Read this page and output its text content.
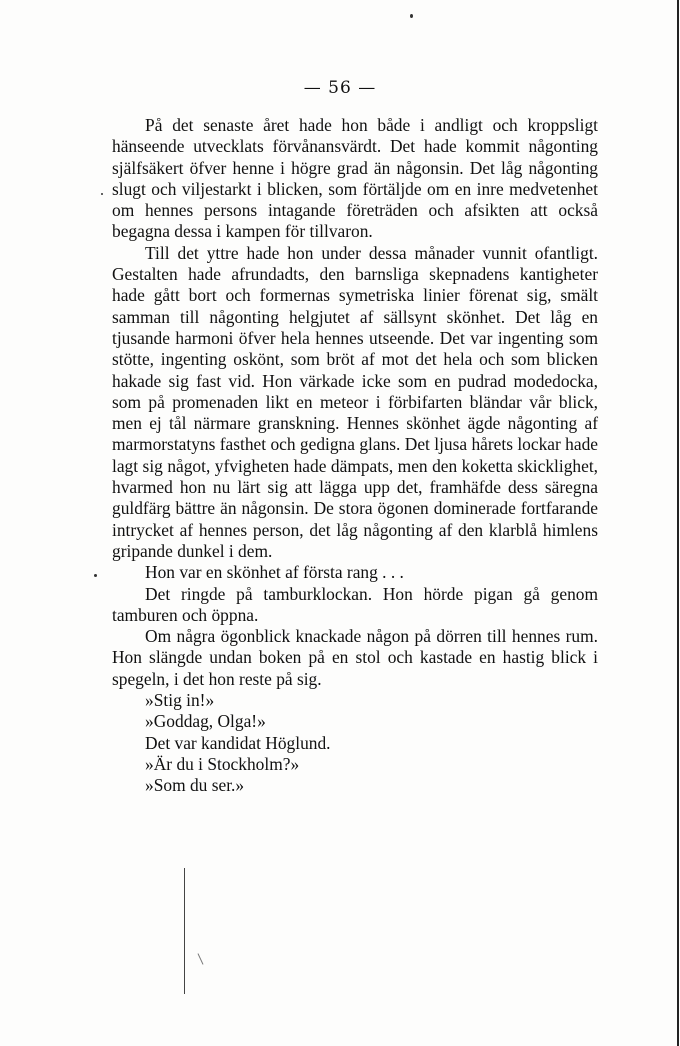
— 56 —

På det senaste året hade hon både i andligt och kroppsligt hänseende utvecklats förvånansvärdt. Det hade kommit någonting själfsäkert öfver henne i högre grad än någonsin. Det låg någonting slugt och viljestarkt i blicken, som förtäljde om en inre medvetenhet om hennes persons intagande företräden och afsikten att också begagna dessa i kampen för tillvaron.

Till det yttre hade hon under dessa månader vunnit ofantligt. Gestalten hade afrundadts, den barnsliga skepnadens kantigheter hade gått bort och formernas symetriska linier förenat sig, smält samman till någonting helgjutet af sällsynt skönhet. Det låg en tjusande harmoni öfver hela hennes utseende. Det var ingenting som stötte, ingenting oskönt, som bröt af mot det hela och som blicken hakade sig fast vid. Hon värkade icke som en pudrad modedocka, som på promenaden likt en meteor i förbifarten bländar vår blick, men ej tål närmare granskning. Hennes skönhet ägde någonting af marmorstatyns fasthet och gedigna glans. Det ljusa hårets lockar hade lagt sig något, yfvigheten hade dämpats, men den koketta skicklighet, hvarmed hon nu lärt sig att lägga upp det, framhäfde dess säregna guldfärg bättre än någonsin. De stora ögonen dominerade fortfarande intrycket af hennes person, det låg någonting af den klarblå himlens gripande dunkel i dem.

Hon var en skönhet af första rang . . .

Det ringde på tamburklockan. Hon hörde pigan gå genom tamburen och öppna.

Om några ögonblick knackade någon på dörren till hennes rum. Hon slängde undan boken på en stol och kastade en hastig blick i spegeln, i det hon reste på sig.

»Stig in!»

»Goddag, Olga!»

Det var kandidat Höglund.

»Är du i Stockholm?»

»Som du ser.»
